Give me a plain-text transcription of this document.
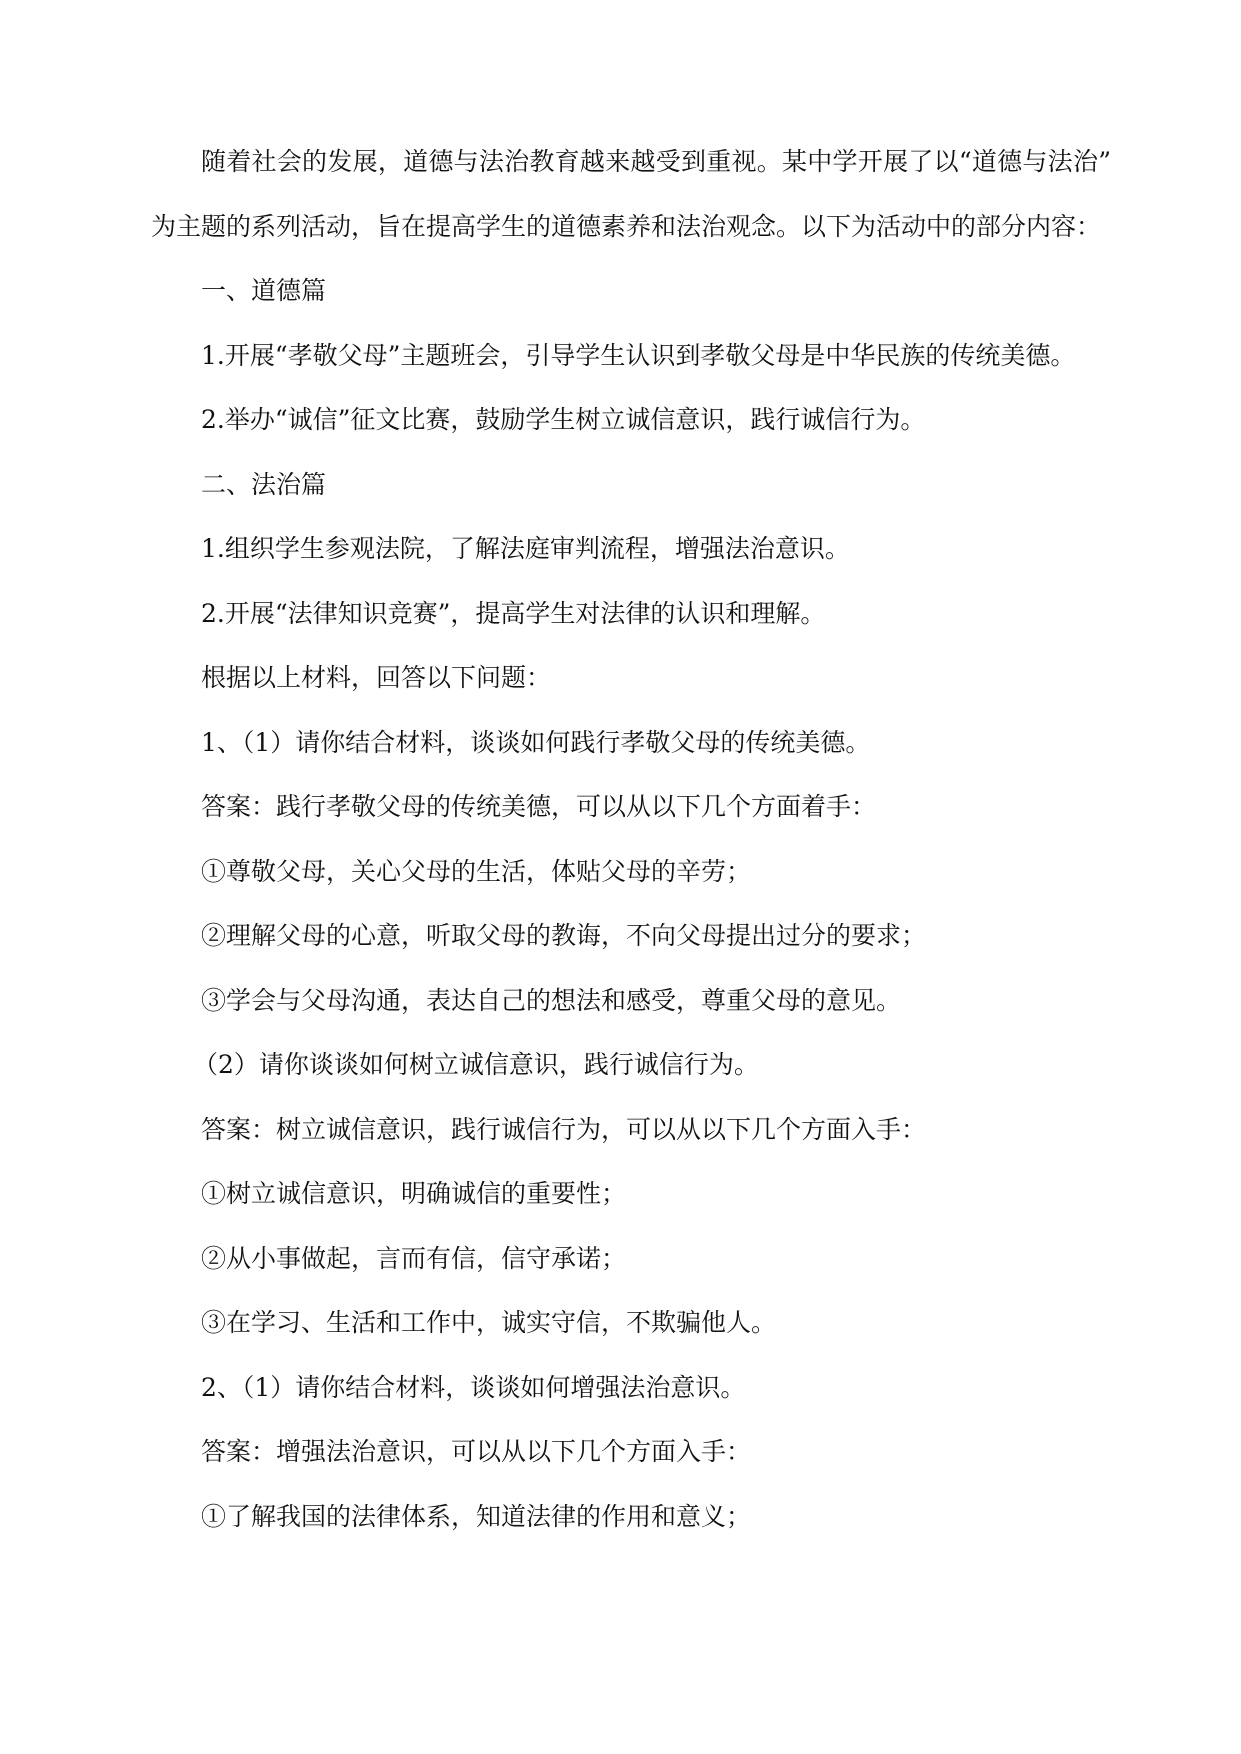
随着社会的发展，道德与法治教育越来越受到重视。某中学开展了以“道德与法治”
为主题的系列活动，旨在提高学生的道德素养和法治观念。以下为活动中的部分内容：
一、道德篇
1.开展“孝敬父母”主题班会，引导学生认识到孝敬父母是中华民族的传统美德。
2.举办“诚信”征文比赛，鼓励学生树立诚信意识，践行诚信行为。
二、法治篇
1.组织学生参观法院，了解法庭审判流程，增强法治意识。
2.开展“法律知识竞赛”，提高学生对法律的认识和理解。
根据以上材料，回答以下问题：
1、（1）请你结合材料，谈谈如何践行孝敬父母的传统美德。
答案：践行孝敬父母的传统美德，可以从以下几个方面着手：
①尊敬父母，关心父母的生活，体贴父母的辛劳；
②理解父母的心意，听取父母的教诲，不向父母提出过分的要求；
③学会与父母沟通，表达自己的想法和感受，尊重父母的意见。
（2）请你谈谈如何树立诚信意识，践行诚信行为。
答案：树立诚信意识，践行诚信行为，可以从以下几个方面入手：
①树立诚信意识，明确诚信的重要性；
②从小事做起，言而有信，信守承诺；
③在学习、生活和工作中，诚实守信，不欺骗他人。
2、（1）请你结合材料，谈谈如何增强法治意识。
答案：增强法治意识，可以从以下几个方面入手：
①了解我国的法律体系，知道法律的作用和意义；
